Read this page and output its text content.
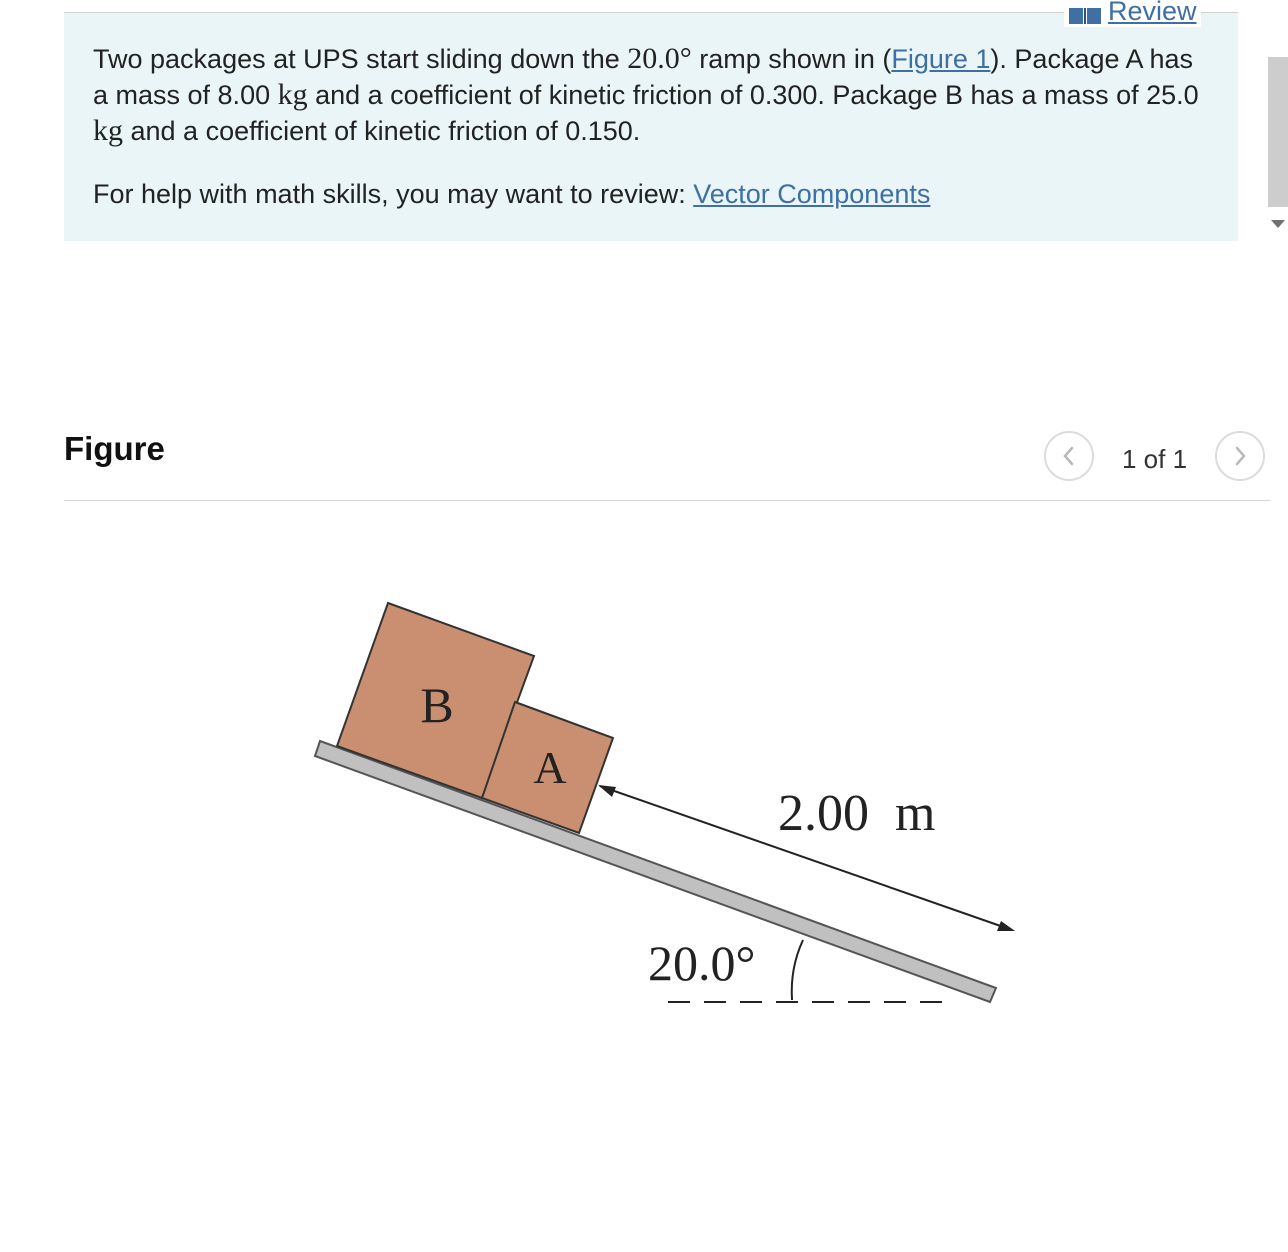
Two packages at UPS start sliding down the 20.0° ramp shown in (Figure 1). Package A has a mass of 8.00 kg and a coefficient of kinetic friction of 0.300. Package B has a mass of 25.0 kg and a coefficient of kinetic friction of 0.150.
For help with math skills, you may want to review: Vector Components
Review
Figure	1 of 1
B
A
2.00  m
20.0°
